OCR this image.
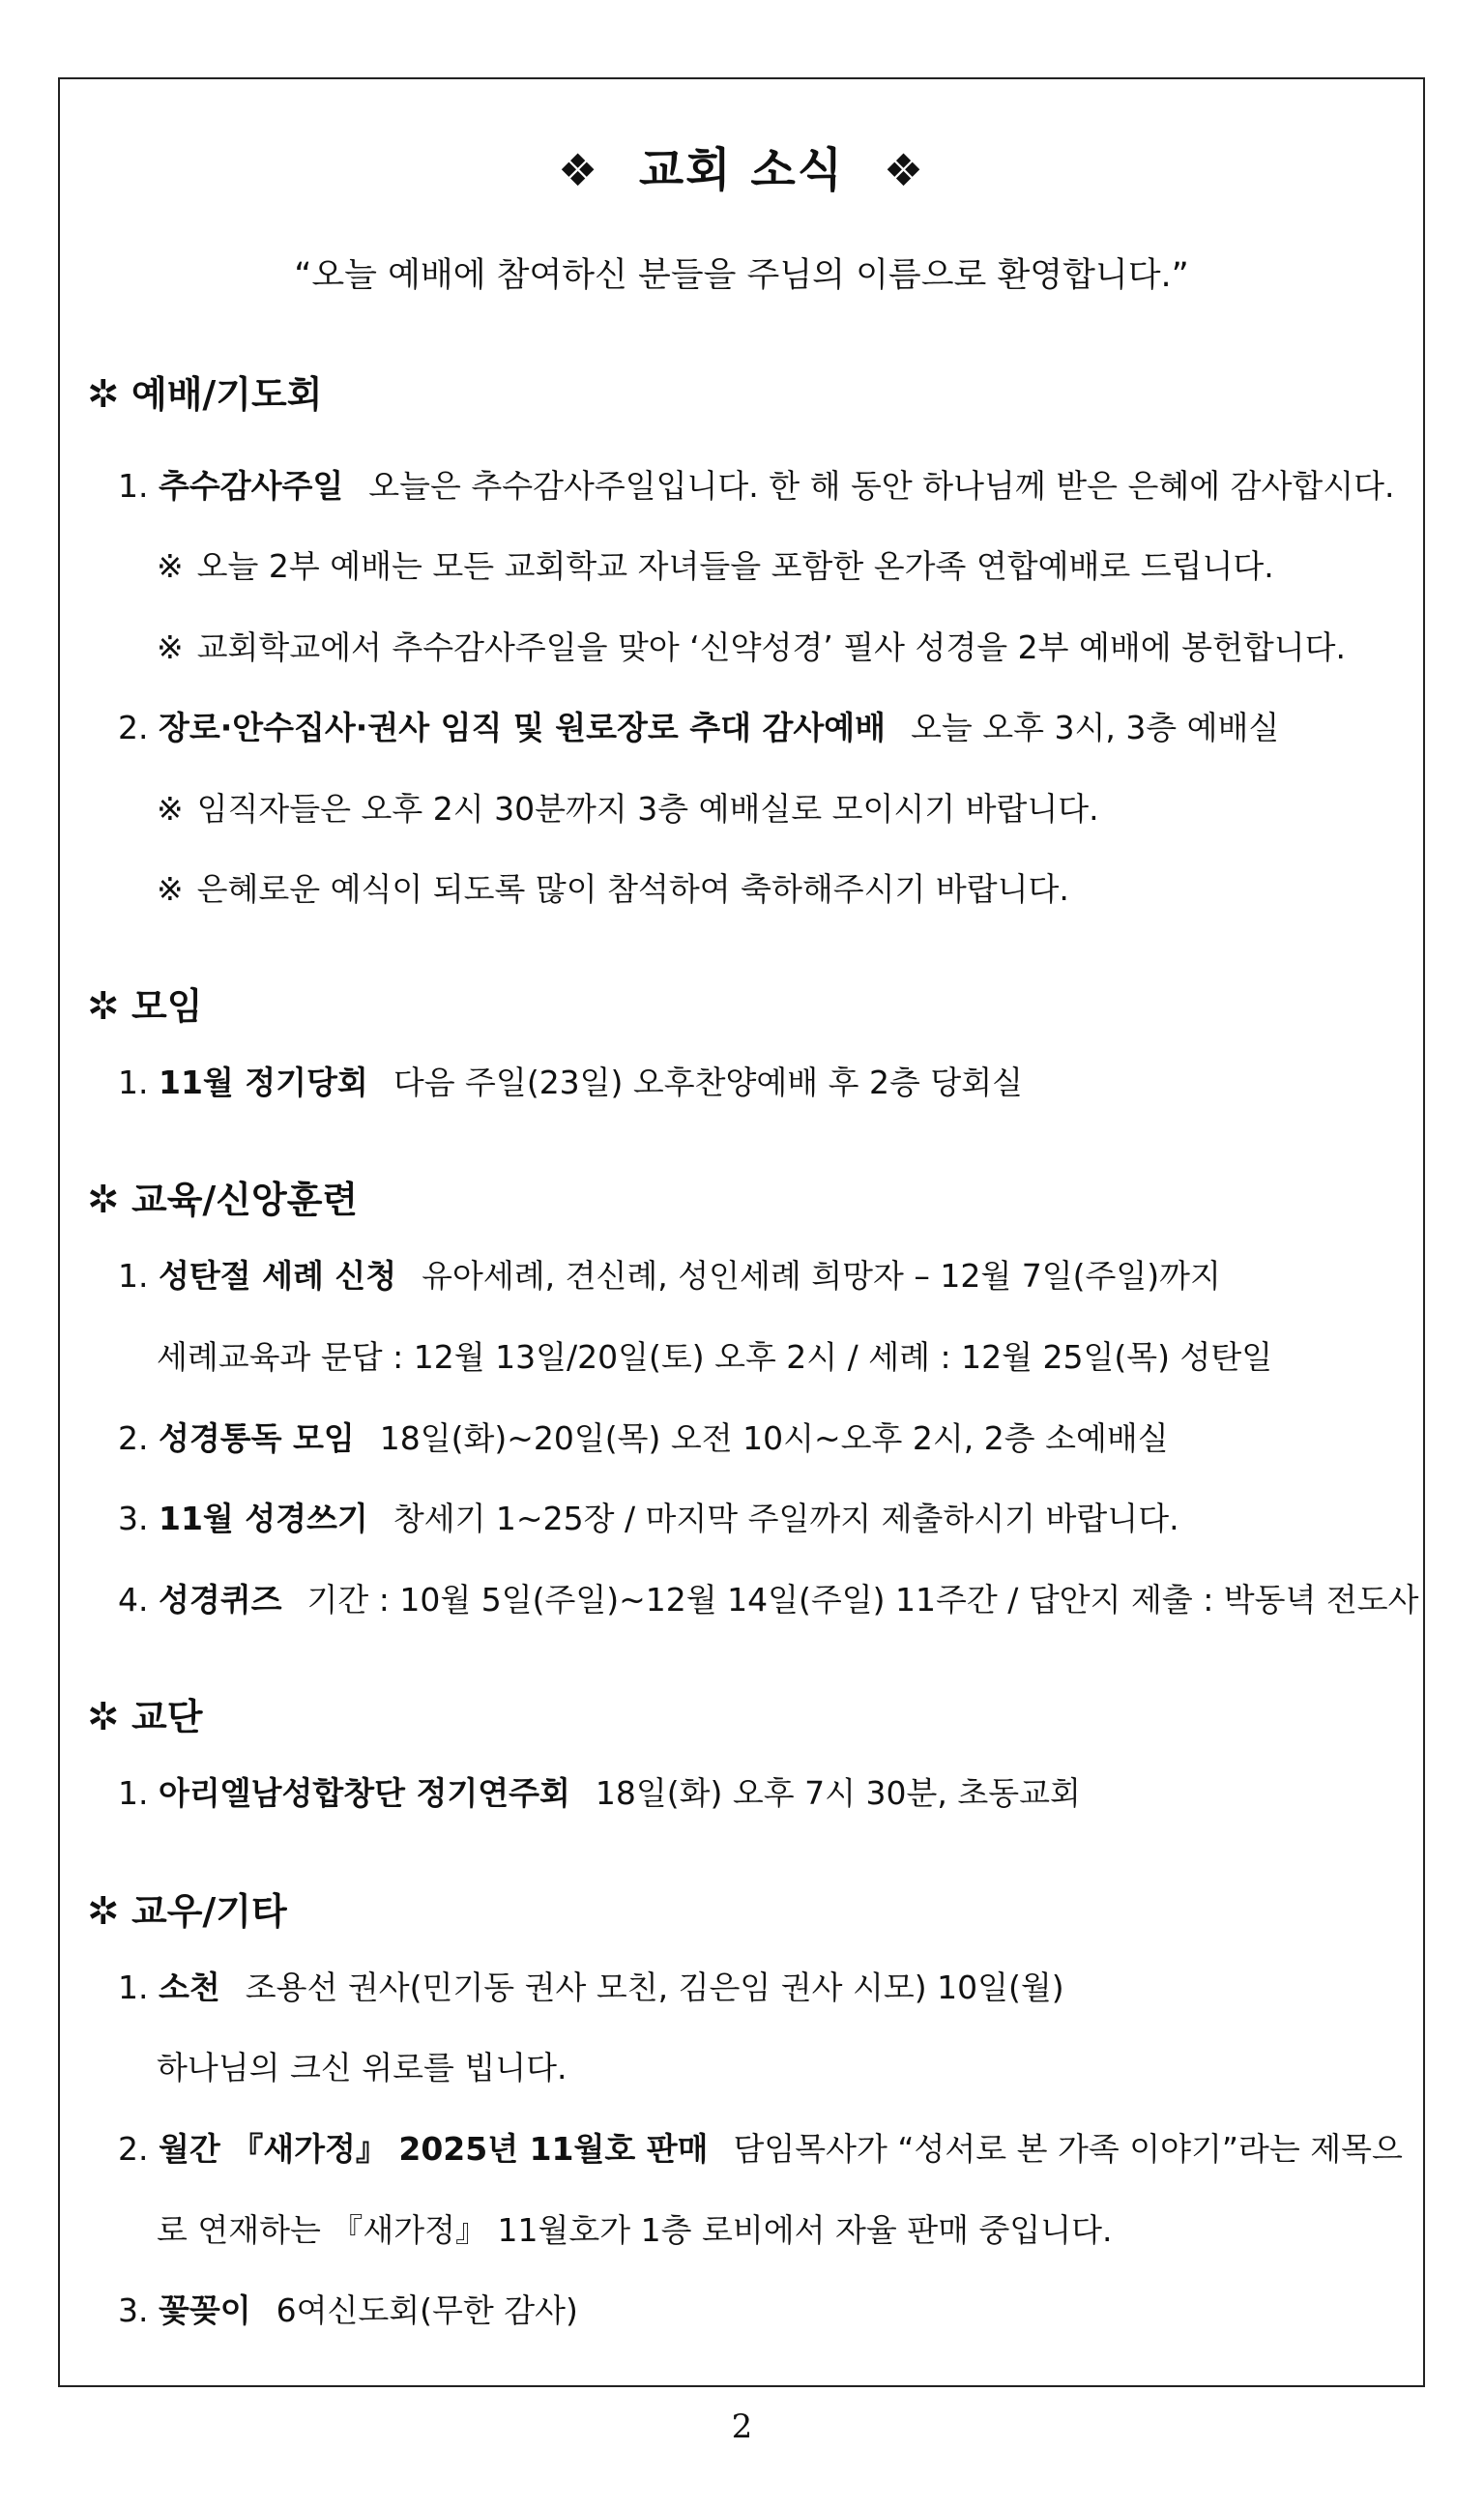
❖ 교회 소식 ❖
“오늘 예배에 참여하신 분들을 주님의 이름으로 환영합니다.”
✲ 예배/기도회
1. 추수감사주일 오늘은 추수감사주일입니다. 한 해 동안 하나님께 받은 은혜에 감사합시다.
※ 오늘 2부 예배는 모든 교회학교 자녀들을 포함한 온가족 연합예배로 드립니다.
※ 교회학교에서 추수감사주일을 맞아 ‘신약성경’ 필사 성경을 2부 예배에 봉헌합니다.
2. 장로·안수집사·권사 임직 및 원로장로 추대 감사예배 오늘 오후 3시, 3층 예배실
※ 임직자들은 오후 2시 30분까지 3층 예배실로 모이시기 바랍니다.
※ 은혜로운 예식이 되도록 많이 참석하여 축하해주시기 바랍니다.
✲ 모임
1. 11월 정기당회 다음 주일(23일) 오후찬양예배 후 2층 당회실
✲ 교육/신앙훈련
1. 성탄절 세례 신청 유아세례, 견신례, 성인세례 희망자 – 12월 7일(주일)까지
세례교육과 문답 : 12월 13일/20일(토) 오후 2시 / 세례 : 12월 25일(목) 성탄일
2. 성경통독 모임 18일(화)~20일(목) 오전 10시~오후 2시, 2층 소예배실
3. 11월 성경쓰기 창세기 1~25장 / 마지막 주일까지 제출하시기 바랍니다.
4. 성경퀴즈 기간 : 10월 5일(주일)~12월 14일(주일) 11주간 / 답안지 제출 : 박동녁 전도사
✲ 교단
1. 아리엘남성합창단 정기연주회 18일(화) 오후 7시 30분, 초동교회
✲ 교우/기타
1. 소천 조용선 권사(민기동 권사 모친, 김은임 권사 시모) 10일(월)
하나님의 크신 위로를 빕니다.
2. 월간 『새가정』 2025년 11월호 판매 담임목사가 “성서로 본 가족 이야기”라는 제목으
로 연재하는 『새가정』 11월호가 1층 로비에서 자율 판매 중입니다.
3. 꽃꽂이 6여신도회(무한 감사)
2
